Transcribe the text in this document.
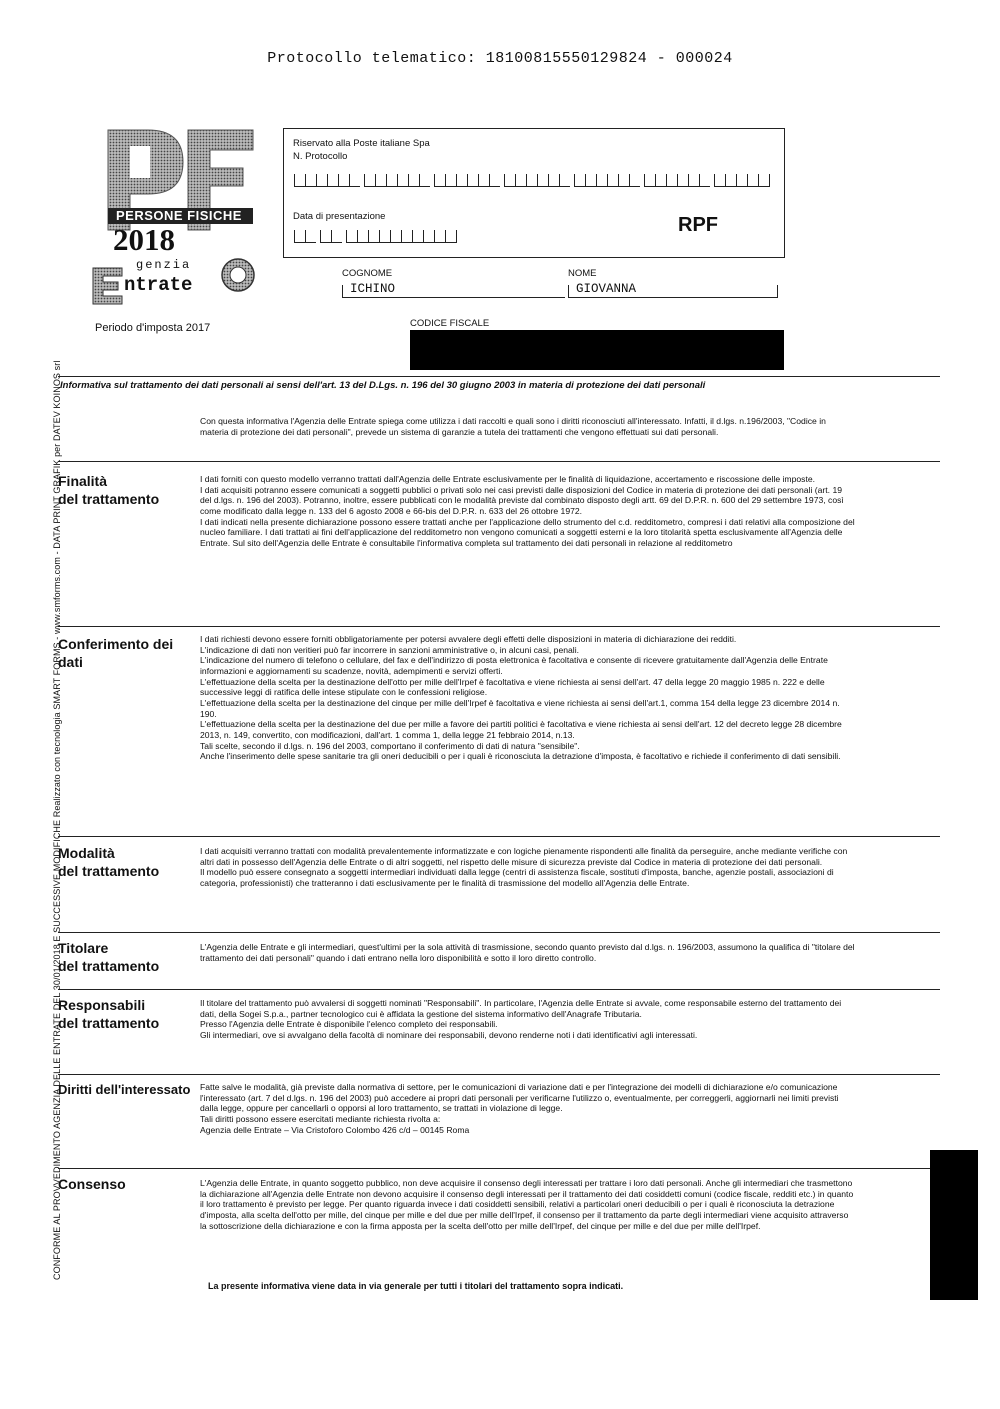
Protocollo telematico: 18100815550129824 - 000024
PERSONE FISICHE
2018
genzia
ntrate
Periodo d'imposta 2017
Riservato alla Poste italiane Spa
N. Protocollo
Data di presentazione	RPF
COGNOME
ICHINO
NOME
GIOVANNA
CODICE FISCALE
CONFORME AL PROVVEDIMENTO AGENZIA DELLE ENTRATE DEL 30/01/2018 E SUCCESSIVE MODIFICHE Realizzato con tecnologia SMART FORMS - www.smforms.com - DATA PRINT GRAFIK per DATEV KOINOS srl
Informativa sul trattamento dei dati personali ai sensi dell'art. 13 del D.Lgs. n. 196 del 30 giugno 2003 in materia di protezione dei dati personali
Con questa informativa l'Agenzia delle Entrate spiega come utilizza i dati raccolti e quali sono i diritti riconosciuti all'interessato. Infatti, il d.lgs. n.196/2003, "Codice in materia di protezione dei dati personali", prevede un sistema di garanzie a tutela dei trattamenti che vengono effettuati sui dati personali.
Finalità
del trattamento
I dati forniti con questo modello verranno trattati dall'Agenzia delle Entrate esclusivamente per le finalità di liquidazione, accertamento e riscossione delle imposte.
I dati acquisiti potranno essere comunicati a soggetti pubblici o privati solo nei casi previsti dalle disposizioni del Codice in materia di protezione dei dati personali (art. 19 del d.lgs. n. 196 del 2003). Potranno, inoltre, essere pubblicati con le modalità previste dal combinato disposto degli artt. 69 del D.P.R. n. 600 del 29 settembre 1973, così come modificato dalla legge n. 133 del 6 agosto 2008 e 66-bis del D.P.R. n. 633 del 26 ottobre 1972.
I dati indicati nella presente dichiarazione possono essere trattati anche per l'applicazione dello strumento del c.d. redditometro, compresi i dati relativi alla composizione del nucleo familiare. I dati trattati ai fini dell'applicazione del redditometro non vengono comunicati a soggetti esterni e la loro titolarità spetta esclusivamente all'Agenzia delle Entrate. Sul sito dell'Agenzia delle Entrate è consultabile l'informativa completa sul trattamento dei dati personali in relazione al redditometro
Conferimento dei
dati
I dati richiesti devono essere forniti obbligatoriamente per potersi avvalere degli effetti delle disposizioni in materia di dichiarazione dei redditi.
L'indicazione di dati non veritieri può far incorrere in sanzioni amministrative o, in alcuni casi, penali.
L'indicazione del numero di telefono o cellulare, del fax e dell'indirizzo di posta elettronica è facoltativa e consente di ricevere gratuitamente dall'Agenzia delle Entrate informazioni e aggiornamenti su scadenze, novità, adempimenti e servizi offerti.
L'effettuazione della scelta per la destinazione dell'otto per mille dell'Irpef è facoltativa e viene richiesta ai sensi dell'art. 47 della legge 20 maggio 1985 n. 222 e delle successive leggi di ratifica delle intese stipulate con le confessioni religiose.
L'effettuazione della scelta per la destinazione del cinque per mille dell'Irpef è facoltativa e viene richiesta ai sensi dell'art.1, comma 154 della legge 23 dicembre 2014 n. 190.
L'effettuazione della scelta per la destinazione del due per mille a favore dei partiti politici è facoltativa e viene richiesta ai sensi dell'art. 12 del decreto legge 28 dicembre 2013, n. 149, convertito, con modificazioni, dall'art. 1 comma 1, della legge 21 febbraio 2014, n.13.
Tali scelte, secondo il d.lgs. n. 196 del 2003, comportano il conferimento di dati di natura "sensibile".
Anche l'inserimento delle spese sanitarie tra gli oneri deducibili o per i quali è riconosciuta la detrazione d'imposta, è facoltativo e richiede il conferimento di dati sensibili.
Modalità
del trattamento
I dati acquisiti verranno trattati con modalità prevalentemente informatizzate e con logiche pienamente rispondenti alle finalità da perseguire, anche mediante verifiche con altri dati in possesso dell'Agenzia delle Entrate o di altri soggetti, nel rispetto delle misure di sicurezza previste dal Codice in materia di protezione dei dati personali.
Il modello può essere consegnato a soggetti intermediari individuati dalla legge (centri di assistenza fiscale, sostituti d'imposta, banche, agenzie postali, associazioni di categoria, professionisti) che tratteranno i dati esclusivamente per le finalità di trasmissione del modello all'Agenzia delle Entrate.
Titolare
del trattamento
L'Agenzia delle Entrate e gli intermediari, quest'ultimi per la sola attività di trasmissione, secondo quanto previsto dal d.lgs. n. 196/2003, assumono la qualifica di "titolare del trattamento dei dati personali" quando i dati entrano nella loro disponibilità e sotto il loro diretto controllo.
Responsabili
del trattamento
Il titolare del trattamento può avvalersi di soggetti nominati "Responsabili". In particolare, l'Agenzia delle Entrate si avvale, come responsabile esterno del trattamento dei dati, della Sogei S.p.a., partner tecnologico cui è affidata la gestione del sistema informativo dell'Anagrafe Tributaria.
Presso l'Agenzia delle Entrate è disponibile l'elenco completo dei responsabili.
Gli intermediari, ove si avvalgano della facoltà di nominare dei responsabili, devono renderne noti i dati identificativi agli interessati.
Diritti dell'interessato Fatte salve le modalità, già previste dalla normativa di settore, per le comunicazioni di variazione dati e per l'integrazione dei modelli di dichiarazione e/o comunicazione l'interessato (art. 7 del d.lgs. n. 196 del 2003) può accedere ai propri dati personali per verificarne l'utilizzo o, eventualmente, per correggerli, aggiornarli nei limiti previsti dalla legge, oppure per cancellarli o opporsi al loro trattamento, se trattati in violazione di legge.
Tali diritti possono essere esercitati mediante richiesta rivolta a:
Agenzia delle Entrate – Via Cristoforo Colombo 426 c/d – 00145 Roma
Consenso	L'Agenzia delle Entrate, in quanto soggetto pubblico, non deve acquisire il consenso degli interessati per trattare i loro dati personali. Anche gli intermediari che trasmettono la dichiarazione all'Agenzia delle Entrate non devono acquisire il consenso degli interessati per il trattamento dei dati cosiddetti comuni (codice fiscale, redditi etc.) in quanto il loro trattamento è previsto per legge. Per quanto riguarda invece i dati cosiddetti sensibili, relativi a particolari oneri deducibili o per i quali è riconosciuta la detrazione d'imposta, alla scelta dell'otto per mille, del cinque per mille e del due per mille dell'Irpef, il consenso per il trattamento da parte degli intermediari viene acquisito attraverso la sottoscrizione della dichiarazione e con la firma apposta per la scelta dell'otto per mille dell'Irpef, del cinque per mille e del due per mille dell'Irpef.
La presente informativa viene data in via generale per tutti i titolari del trattamento sopra indicati.
